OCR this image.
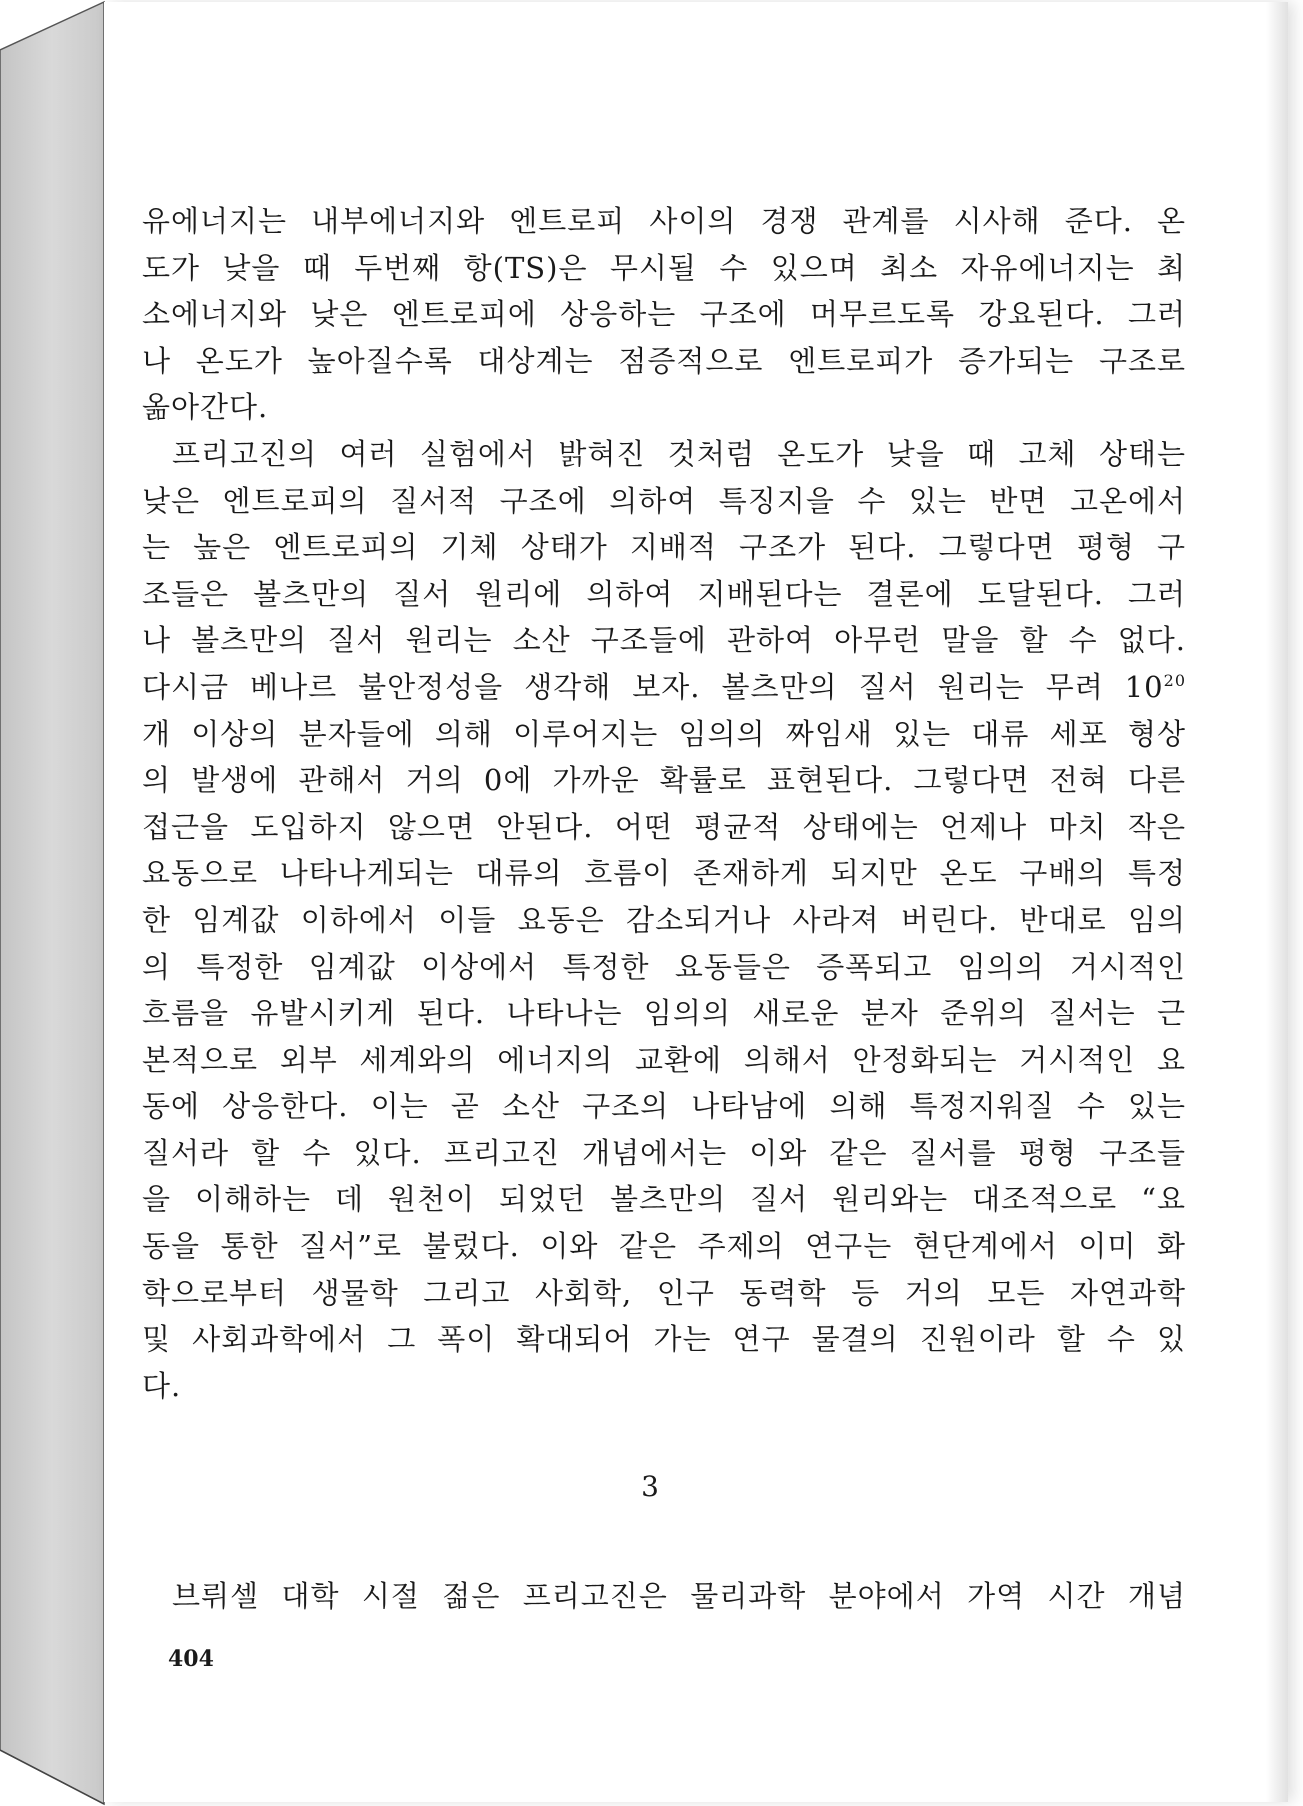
유에너지는 내부에너지와 엔트로피 사이의 경쟁 관계를 시사해 준다. 온
도가 낮을 때 두번째 항(TS)은 무시될 수 있으며 최소 자유에너지는 최
소에너지와 낮은 엔트로피에 상응하는 구조에 머무르도록 강요된다. 그러
나 온도가 높아질수록 대상계는 점증적으로 엔트로피가 증가되는 구조로
옮아간다.
프리고진의 여러 실험에서 밝혀진 것처럼 온도가 낮을 때 고체 상태는
낮은 엔트로피의 질서적 구조에 의하여 특징지을 수 있는 반면 고온에서
는 높은 엔트로피의 기체 상태가 지배적 구조가 된다. 그렇다면 평형 구
조들은 볼츠만의 질서 원리에 의하여 지배된다는 결론에 도달된다. 그러
나 볼츠만의 질서 원리는 소산 구조들에 관하여 아무런 말을 할 수 없다.
다시금 베나르 불안정성을 생각해 보자. 볼츠만의 질서 원리는 무려 $10^{20}$
개 이상의 분자들에 의해 이루어지는 임의의 짜임새 있는 대류 세포 형상
의 발생에 관해서 거의 0에 가까운 확률로 표현된다. 그렇다면 전혀 다른
접근을 도입하지 않으면 안된다. 어떤 평균적 상태에는 언제나 마치 작은
요동으로 나타나게되는 대류의 흐름이 존재하게 되지만 온도 구배의 특정
한 임계값 이하에서 이들 요동은 감소되거나 사라져 버린다. 반대로 임의
의 특정한 임계값 이상에서 특정한 요동들은 증폭되고 임의의 거시적인
흐름을 유발시키게 된다. 나타나는 임의의 새로운 분자 준위의 질서는 근
본적으로 외부 세계와의 에너지의 교환에 의해서 안정화되는 거시적인 요
동에 상응한다. 이는 곧 소산 구조의 나타남에 의해 특정지워질 수 있는
질서라 할 수 있다. 프리고진 개념에서는 이와 같은 질서를 평형 구조들
을 이해하는 데 원천이 되었던 볼츠만의 질서 원리와는 대조적으로 “요
동을 통한 질서”로 불렀다. 이와 같은 주제의 연구는 현단계에서 이미 화
학으로부터 생물학 그리고 사회학, 인구 동력학 등 거의 모든 자연과학
및 사회과학에서 그 폭이 확대되어 가는 연구 물결의 진원이라 할 수 있
다.
3
브뤼셀 대학 시절 젊은 프리고진은 물리과학 분야에서 가역 시간 개념
404
